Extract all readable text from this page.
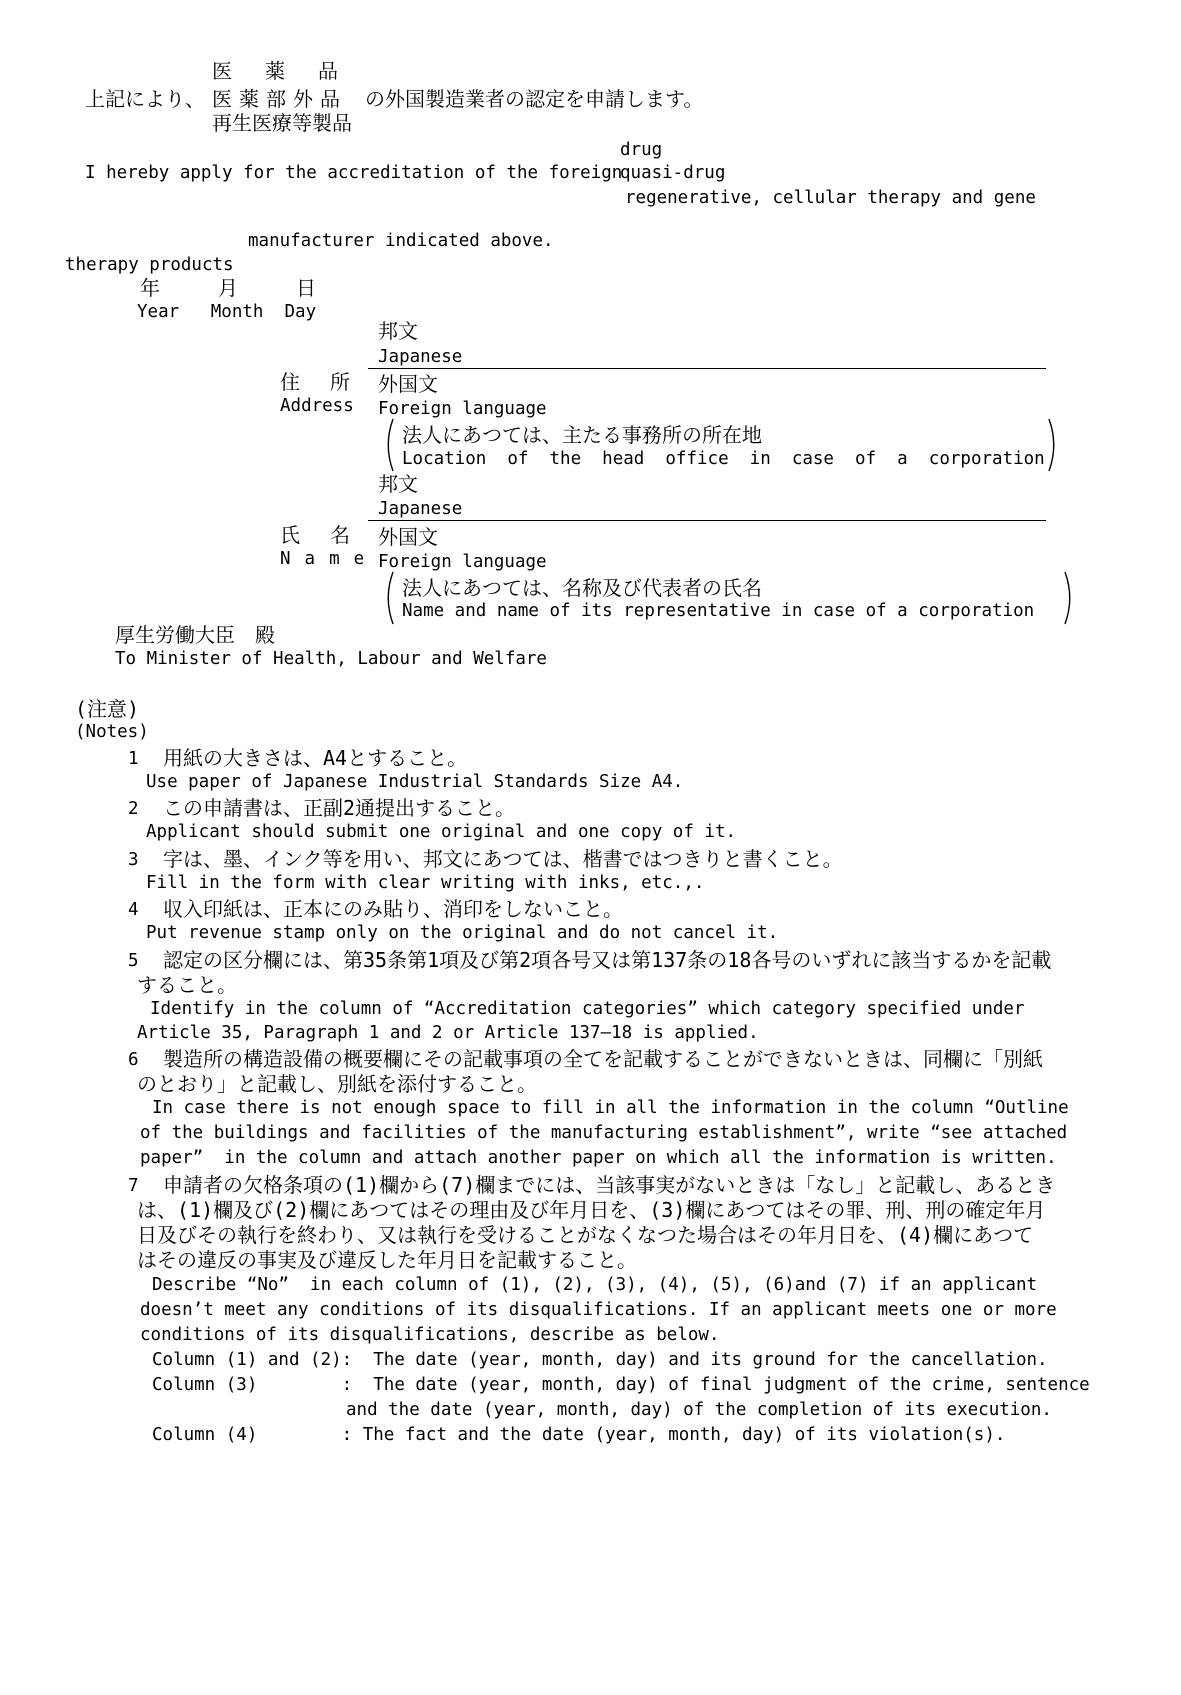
医薬品
上記により、 医薬部外品 の外国製造業者の認定を申請します。
再生医療等製品
drug
I hereby apply for the accreditation of the foreign
quasi-drug
regenerative, cellular therapy and gene
manufacturer indicated above.
therapy products
年月日
Year   Month  Day
邦文
Japanese
住所
Address
外国文
Foreign language
法人にあつては、主たる事務所の所在地
Location  of  the  head  office  in  case  of  a  corporation
邦文
Japanese
氏名
Name
外国文
Foreign language
法人にあつては、名称及び代表者の氏名
Name and name of its representative in case of a corporation
厚生労働大臣　殿
To Minister of Health, Labour and Welfare
(注意)
(Notes)
1 用紙の大きさは、A4とすること。
Use paper of Japanese Industrial Standards Size A4.
2 この申請書は、正副2通提出すること。
Applicant should submit one original and one copy of it.
3 字は、墨、インク等を用い、邦文にあつては、楷書ではつきりと書くこと。
Fill in the form with clear writing with inks, etc.,.
4 収入印紙は、正本にのみ貼り、消印をしないこと。
Put revenue stamp only on the original and do not cancel it.
5 認定の区分欄には、第35条第1項及び第2項各号又は第137条の18各号のいずれに該当するかを記載
すること。
Identify in the column of “Accreditation categories” which category specified under
Article 35, Paragraph 1 and 2 or Article 137—18 is applied.
6 製造所の構造設備の概要欄にその記載事項の全てを記載することができないときは、同欄に「別紙
のとおり」と記載し、別紙を添付すること。
In case there is not enough space to fill in all the information in the column “Outline
of the buildings and facilities of the manufacturing establishment”, write “see attached
paper”  in the column and attach another paper on which all the information is written.
7 申請者の欠格条項の(1)欄から(7)欄までには、当該事実がないときは「なし」と記載し、あるとき
は、(1)欄及び(2)欄にあつてはその理由及び年月日を、(3)欄にあつてはその罪、刑、刑の確定年月
日及びその執行を終わり、又は執行を受けることがなくなつた場合はその年月日を、(4)欄にあつて
はその違反の事実及び違反した年月日を記載すること。
Describe “No”  in each column of (1), (2), (3), (4), (5), (6)and (7) if an applicant
doesn’t meet any conditions of its disqualifications. If an applicant meets one or more
conditions of its disqualifications, describe as below.
Column (1) and (2):  The date (year, month, day) and its ground for the cancellation.
Column (3)        :  The date (year, month, day) of final judgment of the crime, sentence
and the date (year, month, day) of the completion of its execution.
Column (4)        : The fact and the date (year, month, day) of its violation(s).
